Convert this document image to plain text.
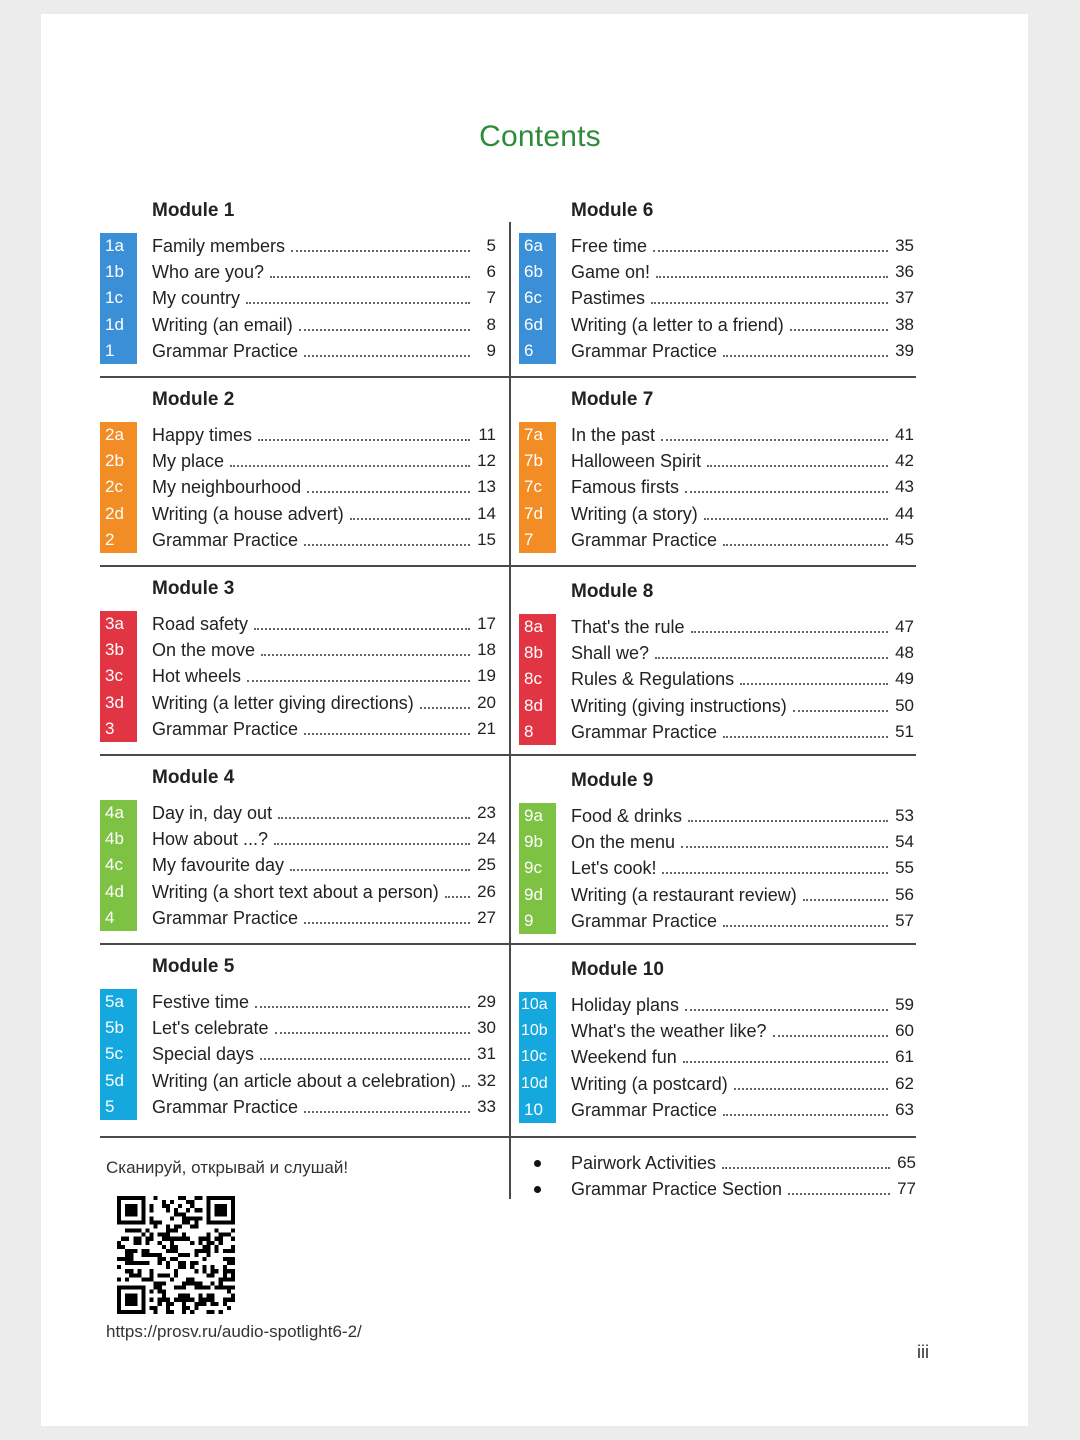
Contents
Module 1
1a	Family members	5
1b	Who are you?	6
1c	My country	7
1d	Writing (an email)	8
1	Grammar Practice	9
Module 2
2a	Happy times	11
2b	My place	12
2c	My neighbourhood	13
2d	Writing (a house advert)	14
2	Grammar Practice	15
Module 3
3a	Road safety	17
3b	On the move	18
3c	Hot wheels	19
3d	Writing (a letter giving directions)	20
3	Grammar Practice	21
Module 4
4a	Day in, day out	23
4b	How about ...?	24
4c	My favourite day	25
4d	Writing (a short text about a person) 26
4	Grammar Practice	27
Module 5
5a	Festive time	29
5b	Let's celebrate	30
5c	Special days	31
5d	Writing (an article about a celebration) 32
5	Grammar Practice	33
Module 6
6a	Free time	35
6b	Game on!	36
6c	Pastimes	37
6d	Writing (a letter to a friend)	38
6	Grammar Practice	39
Module 7
7a	In the past	41
7b	Halloween Spirit	42
7c	Famous firsts	43
7d	Writing (a story)	44
7	Grammar Practice	45
Module 8
8a	That's the rule	47
8b	Shall we?	48
8c	Rules & Regulations	49
8d	Writing (giving instructions)	50
8	Grammar Practice	51
Module 9
9a	Food & drinks	53
9b	On the menu	54
9c	Let's cook!	55
9d	Writing (a restaurant review)	56
9	Grammar Practice	57
Module 10
10a	Holiday plans	59
10b	What's the weather like?	60
10c	Weekend fun	61
10d	Writing (a postcard)	62
10	Grammar Practice	63
Pairwork Activities	65
Grammar Practice Section	77
Сканируй, открывай и слушай!
https://prosv.ru/audio-spotlight6-2/
iii
